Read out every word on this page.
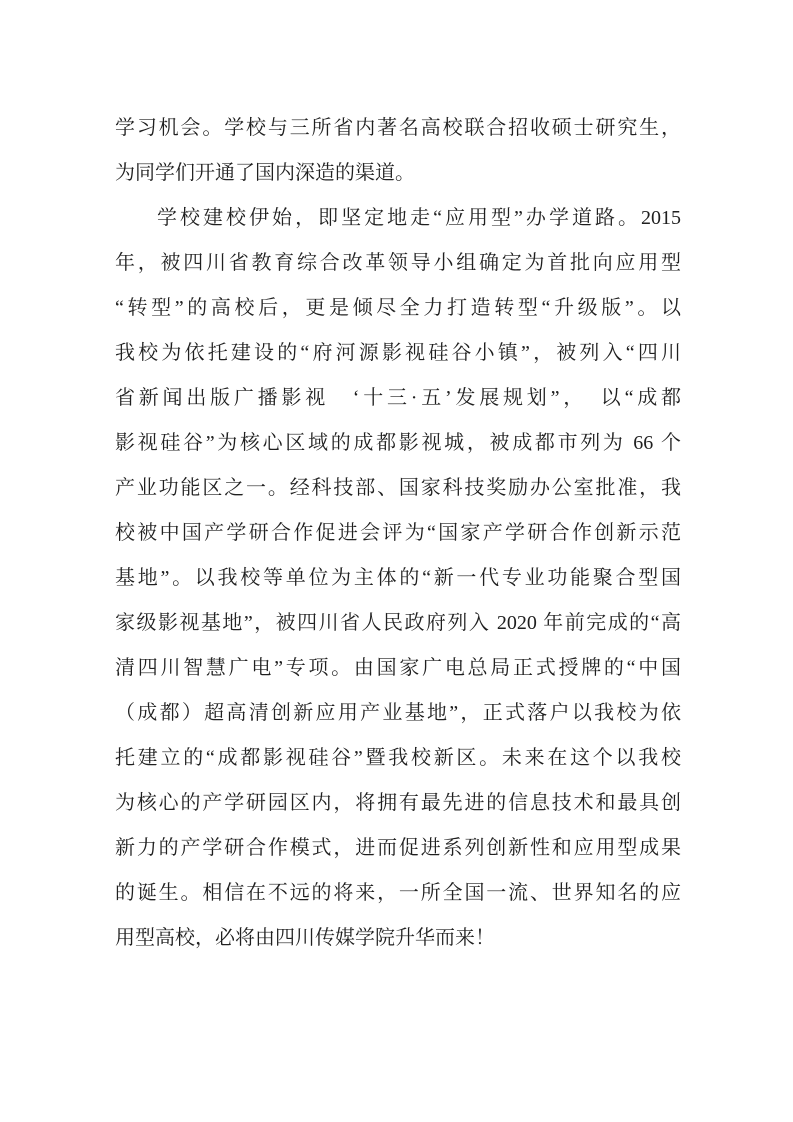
学习机会。学校与三所省内著名高校联合招收硕士研究生，
为同学们开通了国内深造的渠道。
学校建校伊始，即坚定地走“应用型”办学道路。2015
年，被四川省教育综合改革领导小组确定为首批向应用型
“转型”的高校后，更是倾尽全力打造转型“升级版”。以
我校为依托建设的“府河源影视硅谷小镇”，被列入“四川
省新闻出版广播影视　‘十三·五’发展规划”，　以“成都
影视硅谷”为核心区域的成都影视城，被成都市列为 66 个
产业功能区之一。经科技部、国家科技奖励办公室批准，我
校被中国产学研合作促进会评为“国家产学研合作创新示范
基地”。以我校等单位为主体的“新一代专业功能聚合型国
家级影视基地”，被四川省人民政府列入 2020 年前完成的“高
清四川智慧广电”专项。由国家广电总局正式授牌的“中国
（成都）超高清创新应用产业基地”，正式落户以我校为依
托建立的“成都影视硅谷”暨我校新区。未来在这个以我校
为核心的产学研园区内，将拥有最先进的信息技术和最具创
新力的产学研合作模式，进而促进系列创新性和应用型成果
的诞生。相信在不远的将来，一所全国一流、世界知名的应
用型高校，必将由四川传媒学院升华而来！
